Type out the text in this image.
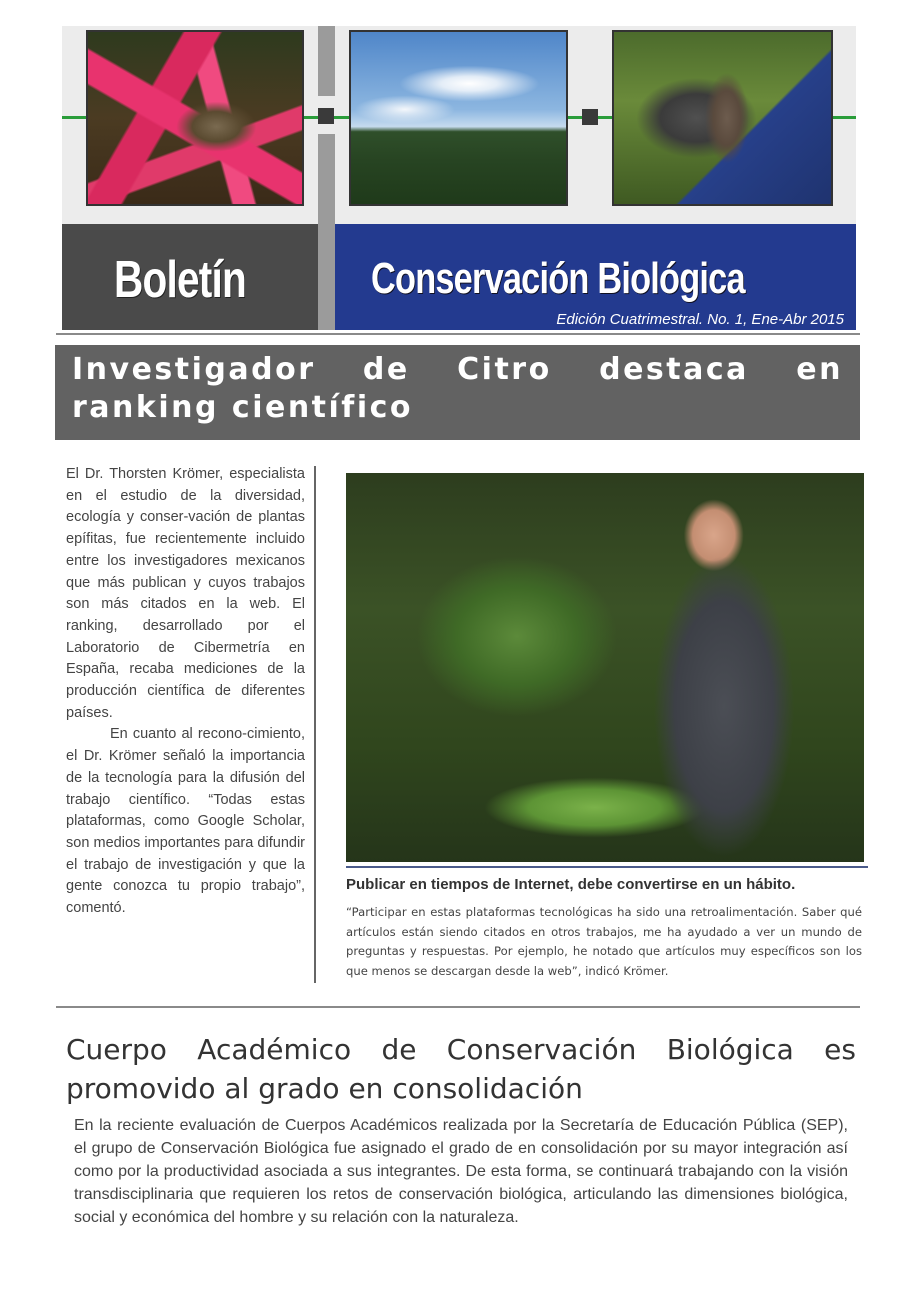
Boletín	Conservación Biológica
Edición Cuatrimestral. No. 1, Ene-Abr 2015
Investigador de Citro destaca en ranking científico

El Dr. Thorsten Krömer, especialista en el estudio de la diversidad, ecología y conser-vación de plantas epífitas, fue recientemente incluido entre los investigadores mexicanos que más publican y cuyos trabajos son más citados en la web. El ranking, desarrollado por el Laboratorio de Cibermetría en España, recaba mediciones de la producción científica de diferentes países.

En cuanto al recono-cimiento, el Dr. Krömer señaló la importancia de la tecnología para la difusión del trabajo científico. “Todas estas plataformas, como Google Scholar, son medios importantes para difundir el trabajo de investigación y que la gente conozca tu propio trabajo”, comentó.

Publicar en tiempos de Internet, debe convertirse en un hábito.
“Participar en estas plataformas tecnológicas ha sido una retroalimentación. Saber qué artículos están siendo citados en otros trabajos, me ha ayudado a ver un mundo de preguntas y respuestas. Por ejemplo, he notado que artículos muy específicos son los que menos se descargan desde la web”, indicó Krömer.
Cuerpo Académico de Conservación Biológica es promovido al grado en consolidación
En la reciente evaluación de Cuerpos Académicos realizada por la Secretaría de Educación Pública (SEP), el grupo de Conservación Biológica fue asignado el grado de en consolidación por su mayor integración así como por la productividad asociada a sus integrantes. De esta forma, se continuará trabajando con la visión transdisciplinaria que requieren los retos de conservación biológica, articulando las dimensiones biológica, social y económica del hombre y su relación con la naturaleza.
